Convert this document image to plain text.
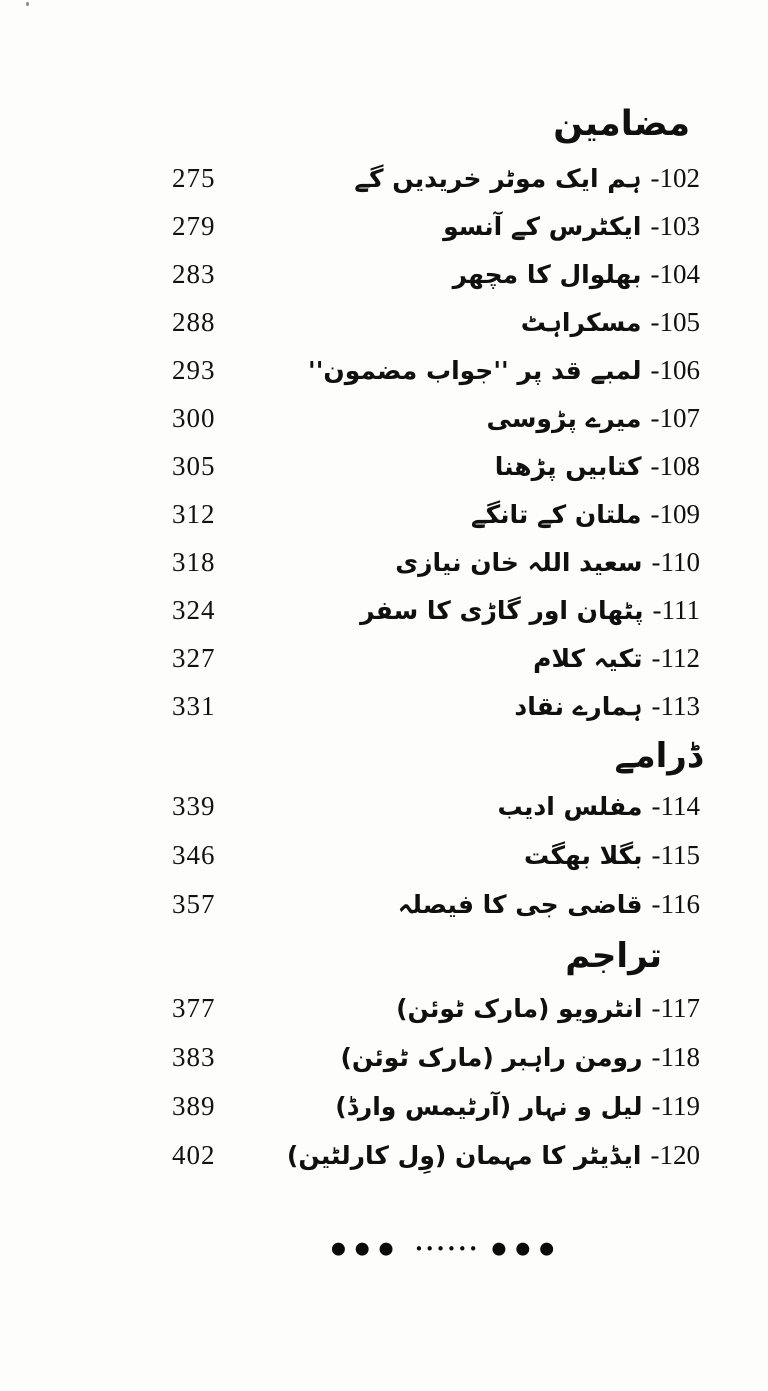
مضامین
275	102-ہم ایک موٹر خریدیں گے
279	103-ایکٹرس کے آنسو
283	104-بھلوال کا مچھر
288	105-مسکراہٹ
293	106-لمبے قد پر ''جواب مضمون''
300	107-میرے پڑوسی
305	108-کتابیں پڑھنا
312	109-ملتان کے تانگے
318	110-سعید اللہ خان نیازی
324	111-پٹھان اور گاڑی کا سفر
327	112-تکیہ کلام
331	113-ہمارے نقاد
ڈرامے
339	114-مفلس ادیب
346	115-بگلا بھگت
357	116-قاضی جی کا فیصلہ
تراجم
377	117-انٹرویو (مارک ٹوئن)
383	118-رومن راہبر (مارک ٹوئن)
389	119-لیل و نہار (آرٹیمس وارڈ)
402	120-ایڈیٹر کا مہمان (وِل کارلٹین)
●●● •••••• ●●●
